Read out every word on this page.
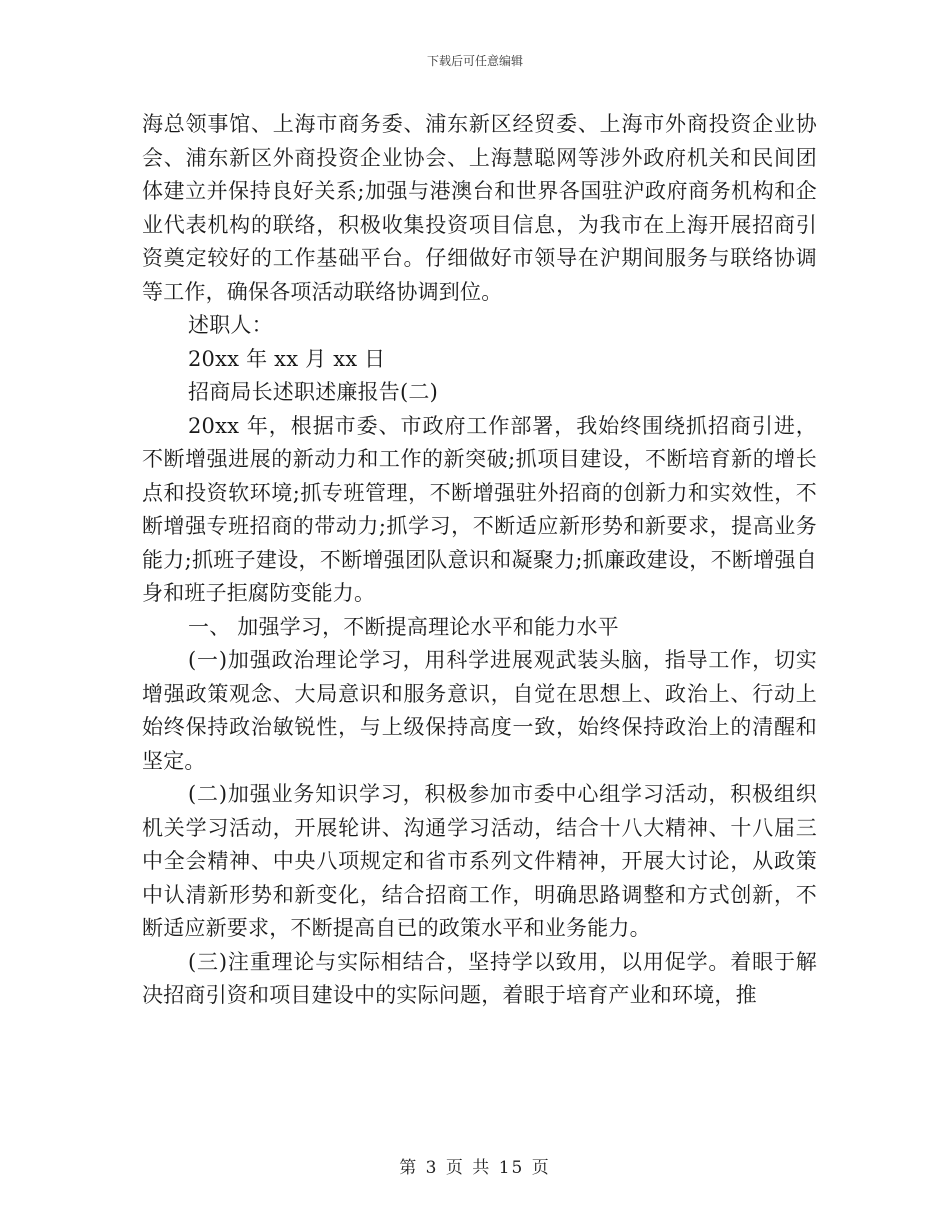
下载后可任意编辑

海总领事馆、上海市商务委、浦东新区经贸委、上海市外商投资企业协会、浦东新区外商投资企业协会、上海慧聪网等涉外政府机关和民间团体建立并保持良好关系;加强与港澳台和世界各国驻沪政府商务机构和企业代表机构的联络，积极收集投资项目信息，为我市在上海开展招商引资奠定较好的工作基础平台。仔细做好市领导在沪期间服务与联络协调等工作，确保各项活动联络协调到位。

述职人：

20xx 年 xx 月 xx 日

招商局长述职述廉报告(二)

20xx 年，根据市委、市政府工作部署，我始终围绕抓招商引进，不断增强进展的新动力和工作的新突破;抓项目建设，不断培育新的增长点和投资软环境;抓专班管理，不断增强驻外招商的创新力和实效性，不断增强专班招商的带动力;抓学习，不断适应新形势和新要求，提高业务能力;抓班子建设，不断增强团队意识和凝聚力;抓廉政建设，不断增强自身和班子拒腐防变能力。

一、 加强学习，不断提高理论水平和能力水平

(一)加强政治理论学习，用科学进展观武装头脑，指导工作，切实增强政策观念、大局意识和服务意识，自觉在思想上、政治上、行动上始终保持政治敏锐性，与上级保持高度一致，始终保持政治上的清醒和坚定。

(二)加强业务知识学习，积极参加市委中心组学习活动，积极组织机关学习活动，开展轮讲、沟通学习活动，结合十八大精神、十八届三中全会精神、中央八项规定和省市系列文件精神，开展大讨论，从政策中认清新形势和新变化，结合招商工作，明确思路调整和方式创新，不断适应新要求，不断提高自已的政策水平和业务能力。

(三)注重理论与实际相结合，坚持学以致用，以用促学。着眼于解决招商引资和项目建设中的实际问题，着眼于培育产业和环境，推

第 3 页 共 15 页
